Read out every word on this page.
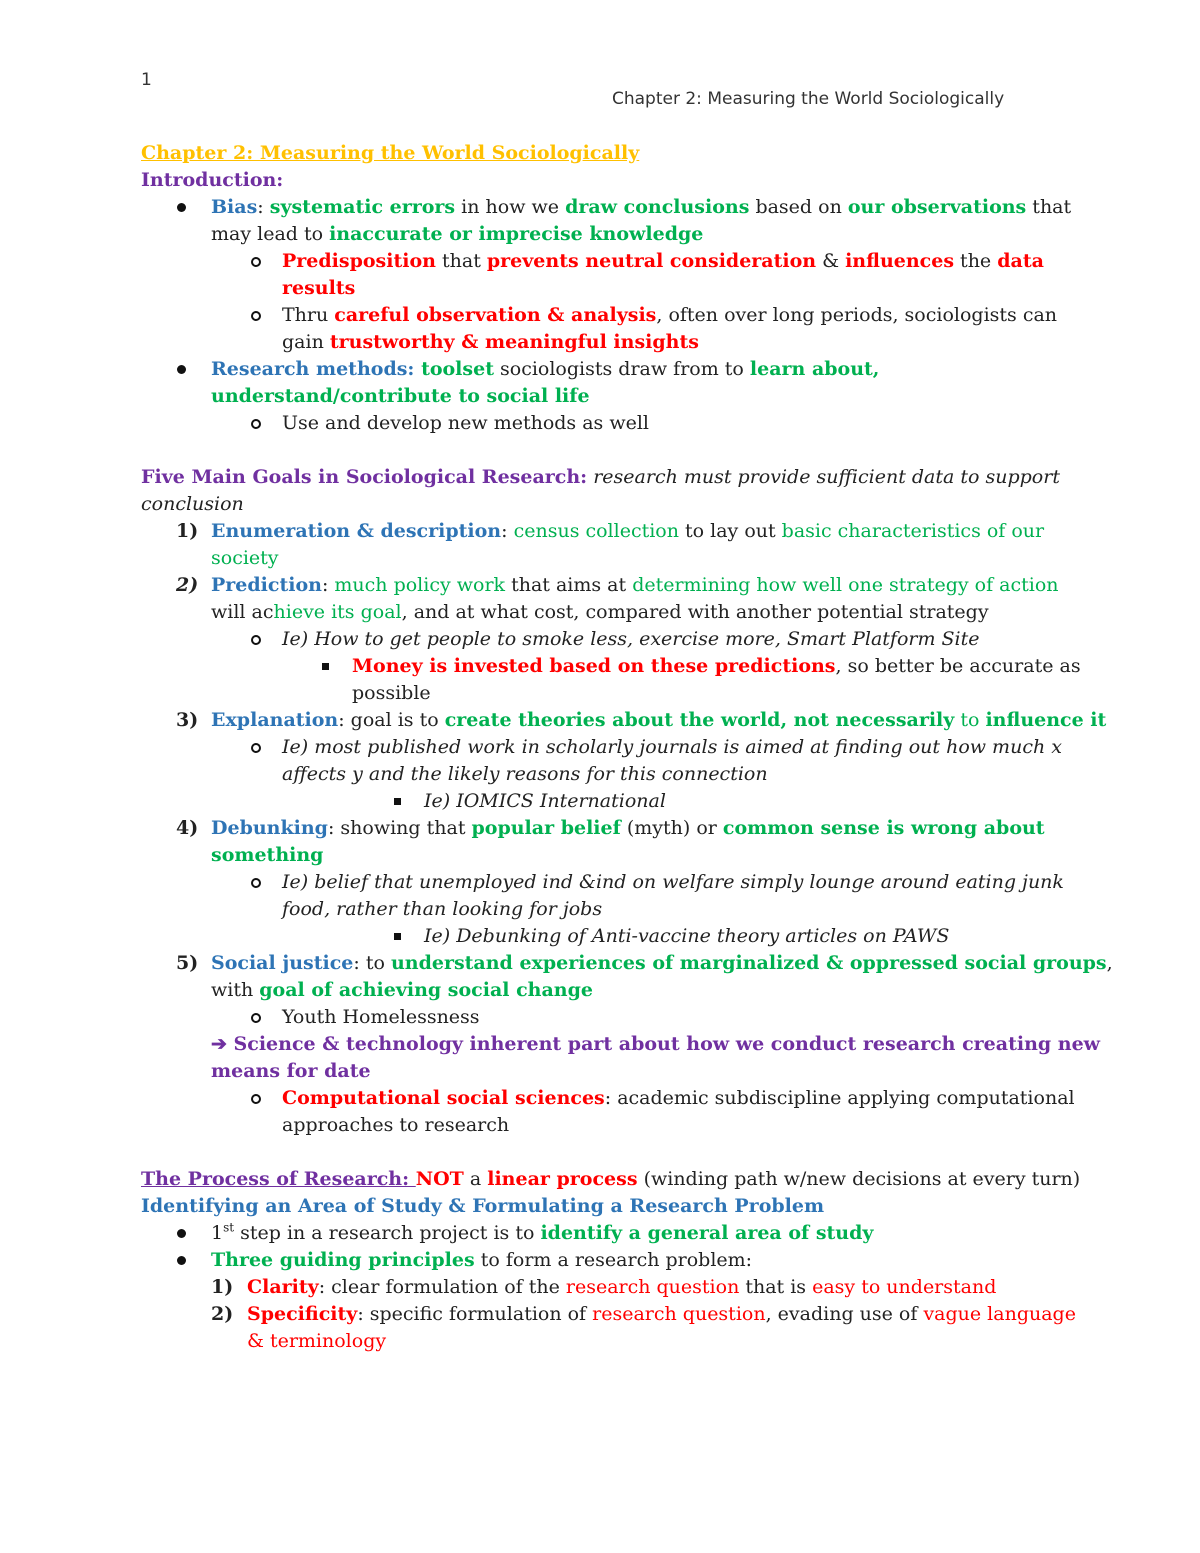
1
Chapter 2: Measuring the World Sociologically
Chapter 2: Measuring the World Sociologically
Introduction:
Bias: systematic errors in how we draw conclusions based on our observations that
may lead to inaccurate or imprecise knowledge
Predisposition that prevents neutral consideration & influences the data
results
Thru careful observation & analysis, often over long periods, sociologists can
gain trustworthy & meaningful insights
Research methods: toolset sociologists draw from to learn about,
understand/contribute to social life
Use and develop new methods as well
Five Main Goals in Sociological Research: research must provide sufficient data to support
conclusion
1) Enumeration & description: census collection to lay out basic characteristics of our
society
2) Prediction: much policy work that aims at determining how well one strategy of action
will achieve its goal, and at what cost, compared with another potential strategy
Ie) How to get people to smoke less, exercise more, Smart Platform Site
Money is invested based on these predictions, so better be accurate as
possible
3) Explanation: goal is to create theories about the world, not necessarily to influence it
Ie) most published work in scholarly journals is aimed at finding out how much x
affects y and the likely reasons for this connection
Ie) IOMICS International
4) Debunking: showing that popular belief (myth) or common sense is wrong about
something
Ie) belief that unemployed ind &ind on welfare simply lounge around eating junk
food, rather than looking for jobs
Ie) Debunking of Anti-vaccine theory articles on PAWS
5) Social justice: to understand experiences of marginalized & oppressed social groups,
with goal of achieving social change
Youth Homelessness
➔ Science & technology inherent part about how we conduct research creating new
means for date
Computational social sciences: academic subdiscipline applying computational
approaches to research
The Process of Research: NOT a linear process (winding path w/new decisions at every turn)
Identifying an Area of Study & Formulating a Research Problem
1st step in a research project is to identify a general area of study
Three guiding principles to form a research problem:
1) Clarity: clear formulation of the research question that is easy to understand
2) Specificity: specific formulation of research question, evading use of vague language
& terminology
